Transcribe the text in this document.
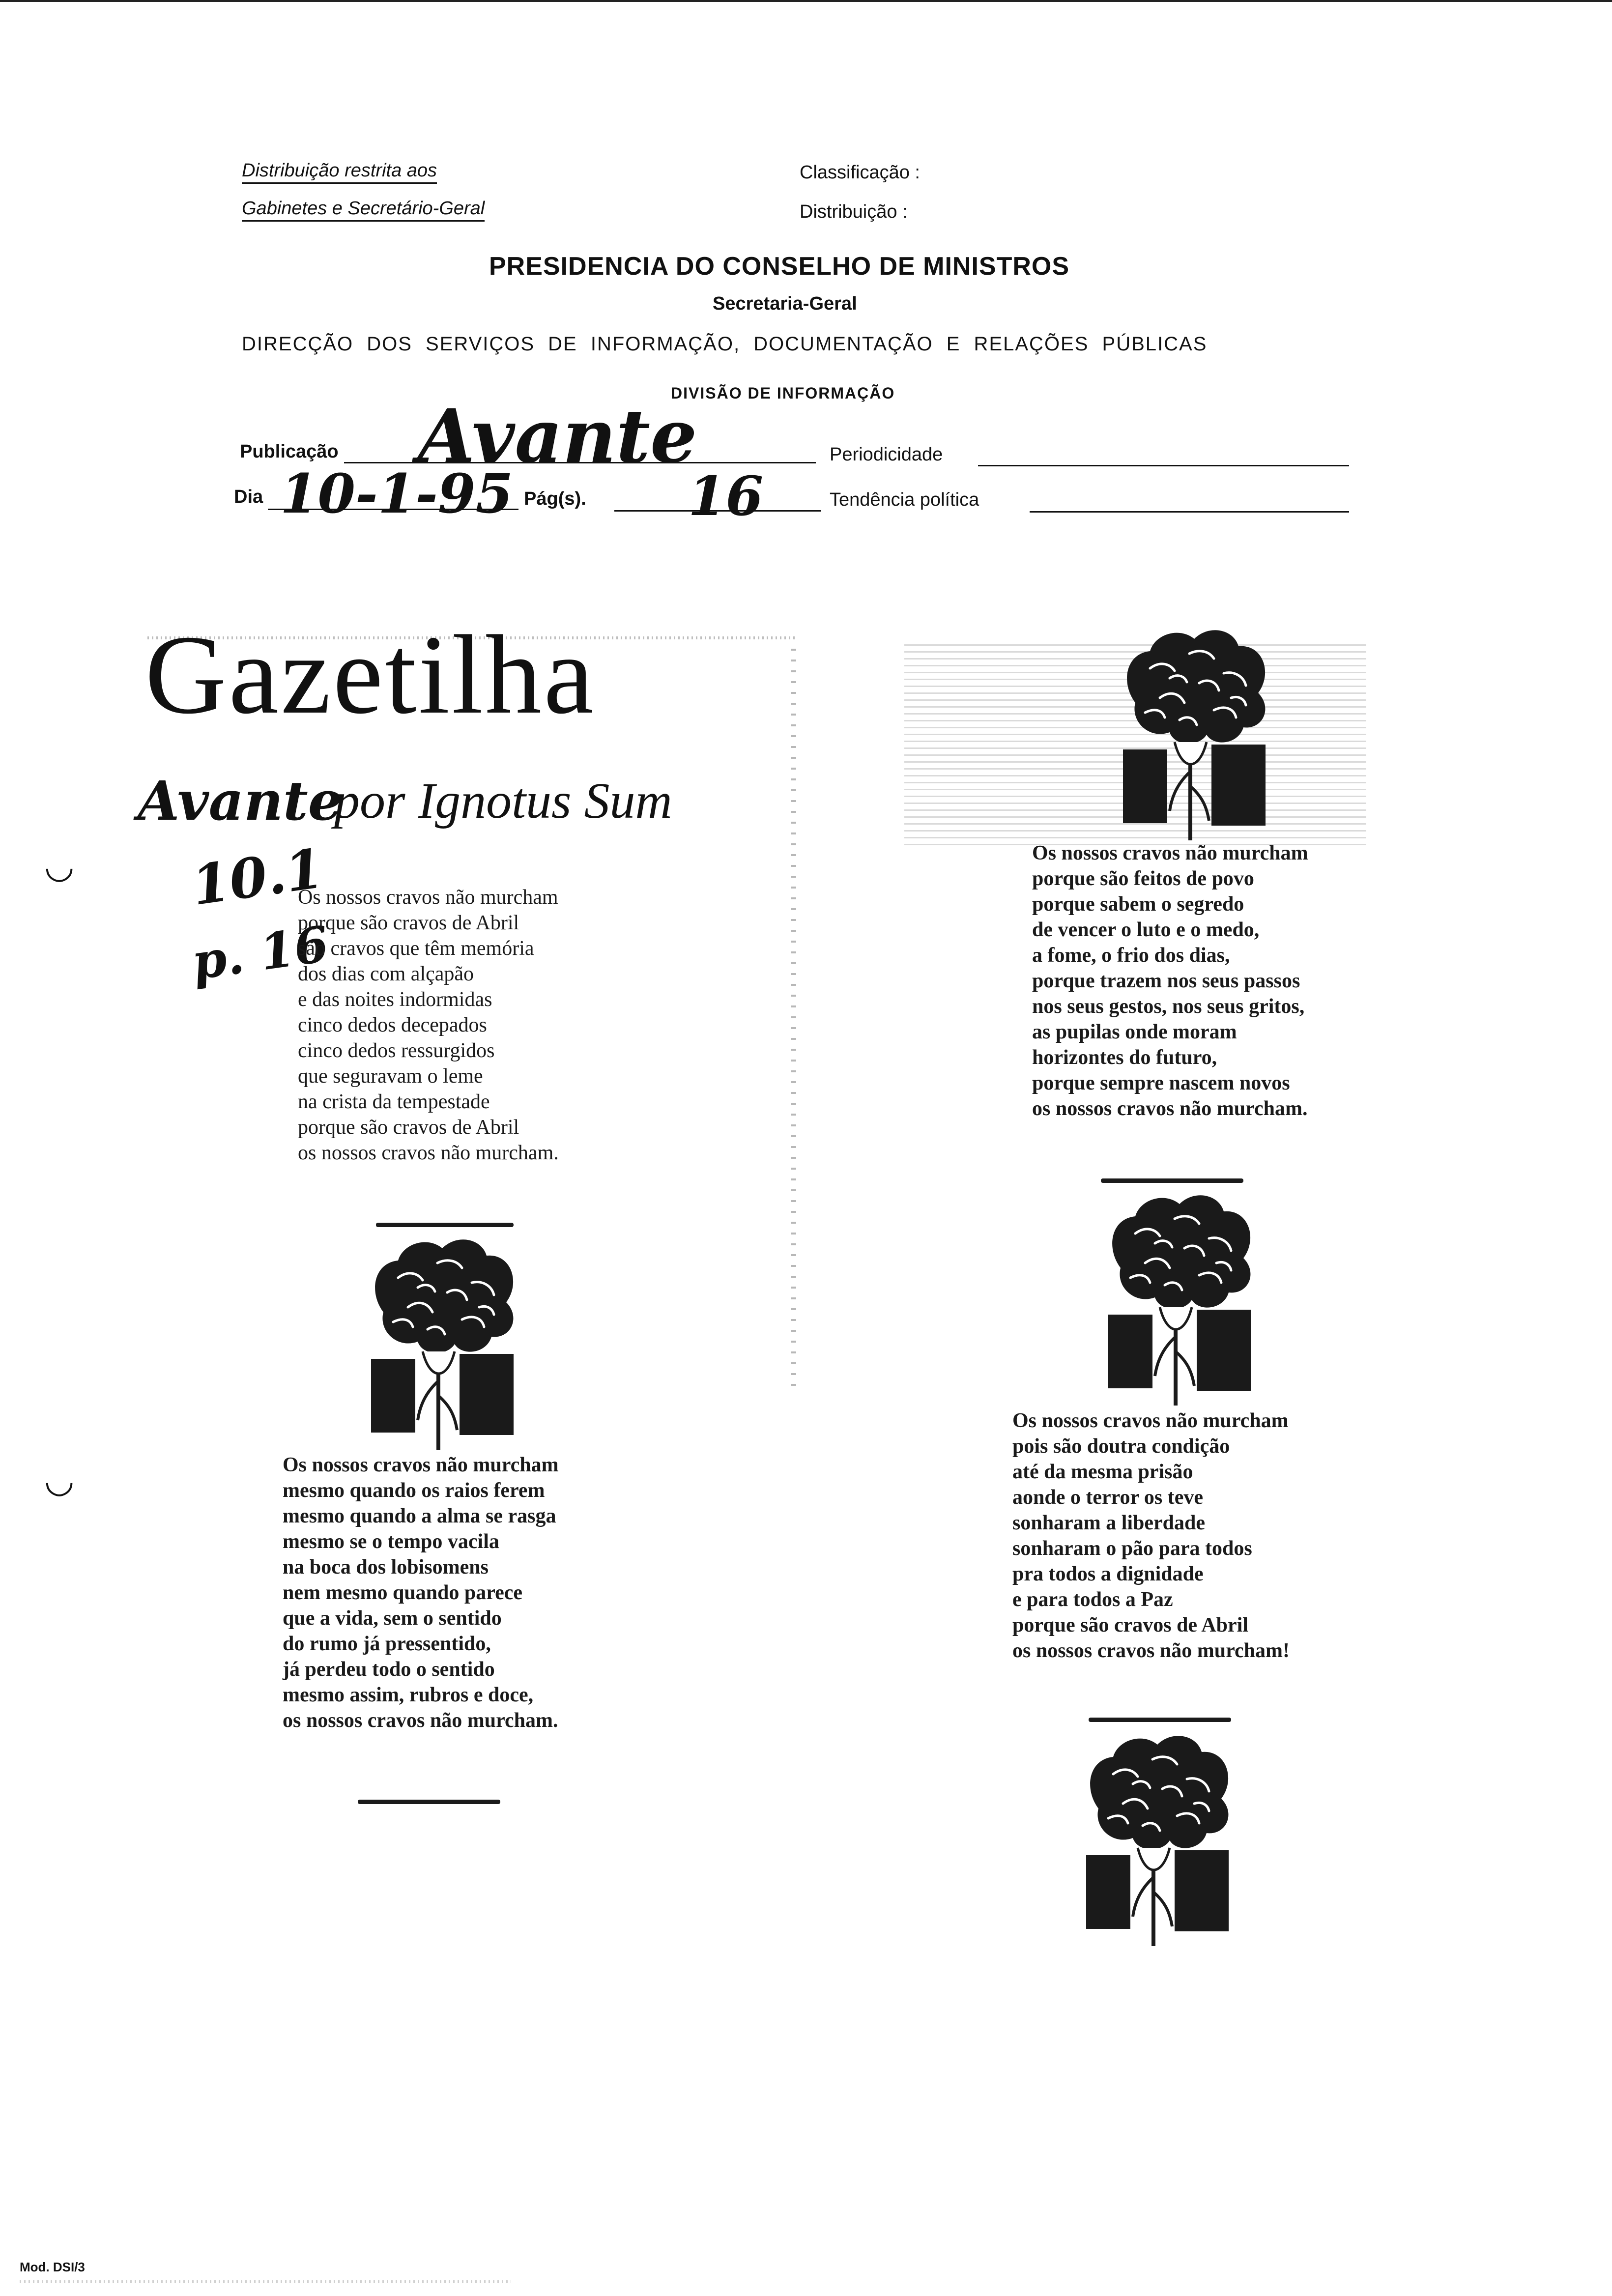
Distribuição restrita aos
Gabinetes e Secretário-Geral
Classificação :
Distribuição :
PRESIDENCIA DO CONSELHO DE MINISTROS
Secretaria-Geral
DIRECÇÃO DOS SERVIÇOS DE INFORMAÇÃO, DOCUMENTAÇÃO E RELAÇÕES PÚBLICAS
DIVISÃO DE INFORMAÇÃO
Publicação Avante	Periodicidade
Dia 10-1-95 Pág(s). 16	Tendência política
Gazetilha
Avante
por Ignotus Sum
10.1
p. 16
◡
◡
Os nossos cravos não murcham
porque são cravos de Abril
são cravos que têm memória
dos dias com alçapão
e das noites indormidas
cinco dedos decepados
cinco dedos ressurgidos
que seguravam o leme
na crista da tempestade
porque são cravos de Abril
os nossos cravos não murcham.
Os nossos cravos não murcham
mesmo quando os raios ferem
mesmo quando a alma se rasga
mesmo se o tempo vacila
na boca dos lobisomens
nem mesmo quando parece
que a vida, sem o sentido
do rumo já pressentido,
já perdeu todo o sentido
mesmo assim, rubros e doce,
os nossos cravos não murcham.
Os nossos cravos não murcham
porque são feitos de povo
porque sabem o segredo
de vencer o luto e o medo,
a fome, o frio dos dias,
porque trazem nos seus passos
nos seus gestos, nos seus gritos,
as pupilas onde moram
horizontes do futuro,
porque sempre nascem novos
os nossos cravos não murcham.
Os nossos cravos não murcham
pois são doutra condição
até da mesma prisão
aonde o terror os teve
sonharam a liberdade
sonharam o pão para todos
pra todos a dignidade
e para todos a Paz
porque são cravos de Abril
os nossos cravos não murcham!
Mod. DSI/3
